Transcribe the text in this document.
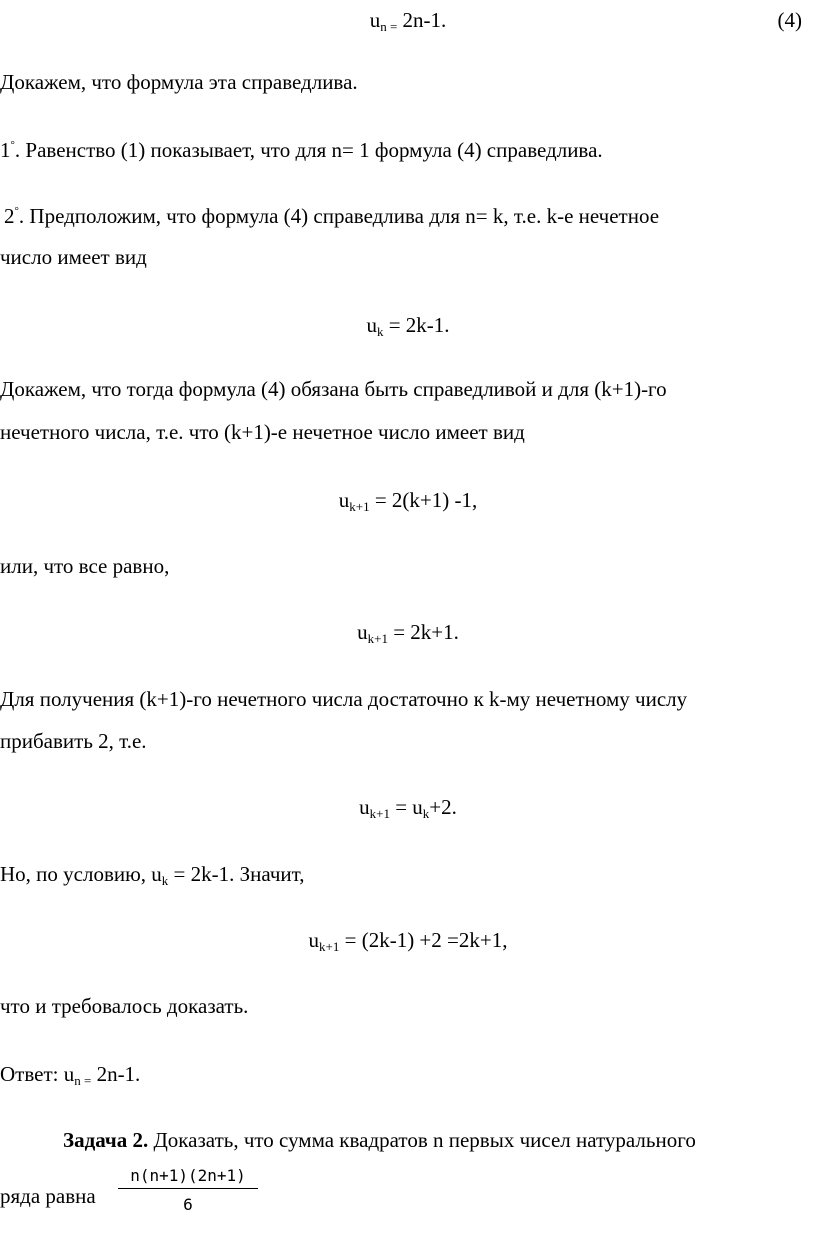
un = 2n-1.	(4)
Докажем, что формула эта справедлива.
1°. Равенство (1) показывает, что для n= 1 формула (4) справедлива.
2°. Предположим, что формула (4) справедлива для n= k, т.е. k-е нечетное
число имеет вид
uk = 2k-1.
Докажем, что тогда формула (4) обязана быть справедливой и для (k+1)-го
нечетного числа, т.е. что (k+1)-е нечетное число имеет вид
uk+1 = 2(k+1) -1,
или, что все равно,
uk+1 = 2k+1.
Для получения (k+1)-го нечетного числа достаточно к k-му нечетному числу
прибавить 2, т.е.
uk+1 = uk+2.
Но, по условию, uk = 2k-1. Значит,
uk+1 = (2k-1) +2 =2k+1,
что и требовалось доказать.
Ответ: un = 2n-1.
Задача 2. Доказать, что сумма квадратов n первых чисел натурального
ряда равна $\frac{n(n+1)(2n+1)}{6}$
